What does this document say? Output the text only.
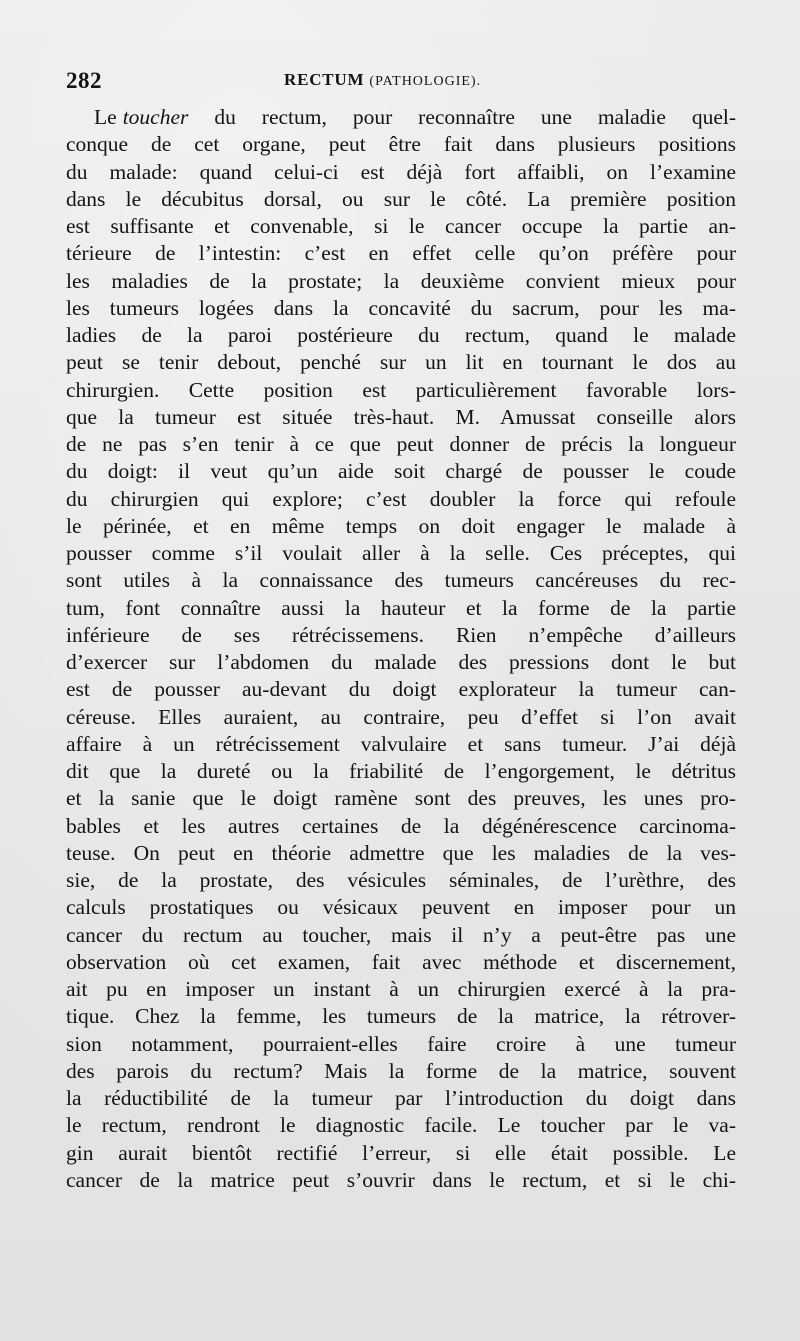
282	RECTUM (PATHOLOGIE).
Le toucher du rectum, pour reconnaître une maladie quel-
conque de cet organe, peut être fait dans plusieurs positions
du malade: quand celui-ci est déjà fort affaibli, on l’examine
dans le décubitus dorsal, ou sur le côté. La première position
est suffisante et convenable, si le cancer occupe la partie an-
térieure de l’intestin: c’est en effet celle qu’on préfère pour
les maladies de la prostate; la deuxième convient mieux pour
les tumeurs logées dans la concavité du sacrum, pour les ma-
ladies de la paroi postérieure du rectum, quand le malade
peut se tenir debout, penché sur un lit en tournant le dos au
chirurgien. Cette position est particulièrement favorable lors-
que la tumeur est située très-haut. M. Amussat conseille alors
de ne pas s’en tenir à ce que peut donner de précis la longueur
du doigt: il veut qu’un aide soit chargé de pousser le coude
du chirurgien qui explore; c’est doubler la force qui refoule
le périnée, et en même temps on doit engager le malade à
pousser comme s’il voulait aller à la selle. Ces préceptes, qui
sont utiles à la connaissance des tumeurs cancéreuses du rec-
tum, font connaître aussi la hauteur et la forme de la partie
inférieure de ses rétrécissemens. Rien n’empêche d’ailleurs
d’exercer sur l’abdomen du malade des pressions dont le but
est de pousser au-devant du doigt explorateur la tumeur can-
céreuse. Elles auraient, au contraire, peu d’effet si l’on avait
affaire à un rétrécissement valvulaire et sans tumeur. J’ai déjà
dit que la dureté ou la friabilité de l’engorgement, le détritus
et la sanie que le doigt ramène sont des preuves, les unes pro-
bables et les autres certaines de la dégénérescence carcinoma-
teuse. On peut en théorie admettre que les maladies de la ves-
sie, de la prostate, des vésicules séminales, de l’urèthre, des
calculs prostatiques ou vésicaux peuvent en imposer pour un
cancer du rectum au toucher, mais il n’y a peut-être pas une
observation où cet examen, fait avec méthode et discernement,
ait pu en imposer un instant à un chirurgien exercé à la pra-
tique. Chez la femme, les tumeurs de la matrice, la rétrover-
sion notamment, pourraient-elles faire croire à une tumeur
des parois du rectum? Mais la forme de la matrice, souvent
la réductibilité de la tumeur par l’introduction du doigt dans
le rectum, rendront le diagnostic facile. Le toucher par le va-
gin aurait bientôt rectifié l’erreur, si elle était possible. Le
cancer de la matrice peut s’ouvrir dans le rectum, et si le chi-
